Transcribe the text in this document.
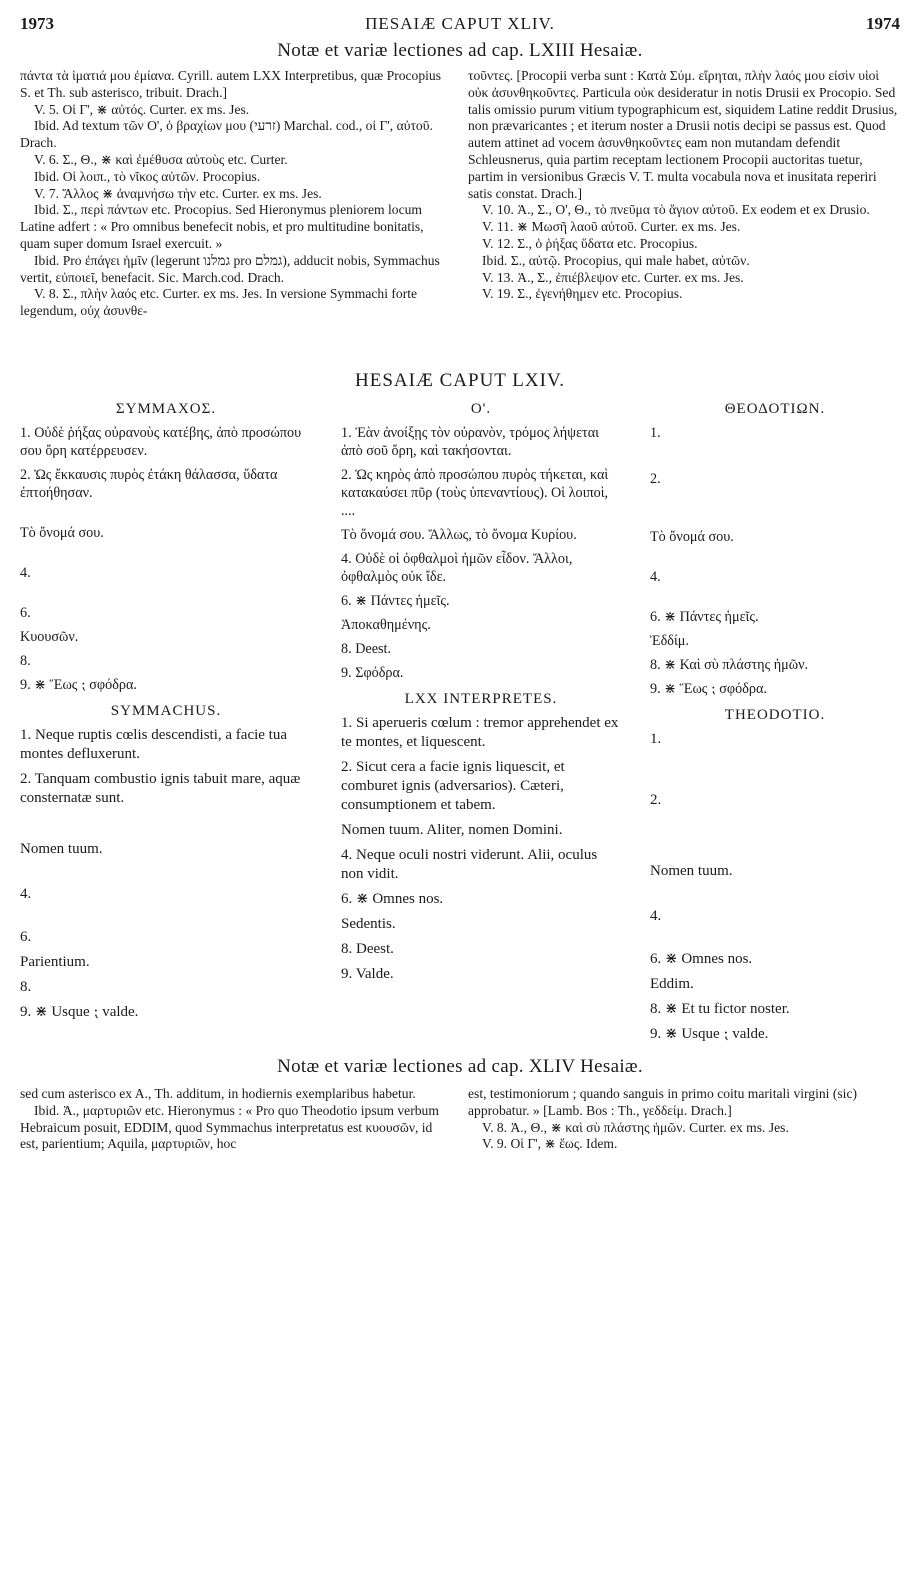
1973	ΠΕSAIÆ CAPUT XLIV.	1974
Notæ et variæ lectiones ad cap. LXIII Hesaiæ.

πάντα τὰ ἱματιά μου ἐμίανα. Cyrill. autem LXX Interpretibus, quæ Procopius S. et Th. sub asterisco, tribuit. Drach.]

V. 5. Οἱ Γ', ⋇ αὐτός. Curter. ex ms. Jes.

Ibid. Ad textum τῶν Ο', ὁ βραχίων μου (זרעי) Marchal. cod., οἱ Γ', αὐτοῦ. Drach.

V. 6. Σ., Θ., ⋇ καὶ ἐμέθυσα αὐτοὺς etc. Curter.

Ibid. Οἱ λοιπ., τὸ νῖκος αὐτῶν. Procopius.

V. 7. Ἄλλος ⋇ ἀναμνήσω τὴν etc. Curter. ex ms. Jes.

Ibid. Σ., περὶ πάντων etc. Procopius. Sed Hieronymus pleniorem locum Latine adfert : « Pro omnibus benefecit nobis, et pro multitudine bonitatis, quam super domum Israel exercuit. »

Ibid. Pro ἐπάγει ἡμῖν (legerunt גמלנו pro גמלם), adducit nobis, Symmachus vertit, εὐποιεῖ, benefacit. Sic. March.cod. Drach.

V. 8. Σ., πλὴν λαός etc. Curter. ex ms. Jes. In versione Symmachi forte legendum, οὐχ ἀσυνθε-

τοῦντες. [Procopii verba sunt : Κατὰ Σύμ. εἴρηται, πλὴν λαός μου εἰσὶν υἱοὶ οὐκ ἀσυνθηκοῦντες. Particula οὐκ desideratur in notis Drusii ex Procopio. Sed talis omissio purum vitium typographicum est, siquidem Latine reddit Drusius, non prævaricantes ; et iterum noster a Drusii notis decipi se passus est. Quod autem attinet ad vocem ἀσυνθηκοῦντες eam non mutandam defendit Schleusnerus, quia partim receptam lectionem Procopii auctoritas tuetur, partim in versionibus Græcis V. T. multa vocabula nova et inusitata reperiri satis constat. Drach.]

V. 10. Ἀ., Σ., Ο', Θ., τὸ πνεῦμα τὸ ἅγιον αὐτοῦ. Ex eodem et ex Drusio.

V. 11. ⋇ Μωσῆ λαοῦ αὐτοῦ. Curter. ex ms. Jes.

V. 12. Σ., ὁ ῥήξας ὕδατα etc. Procopius.

Ibid. Σ., αὐτῷ. Procopius, qui male habet, αὐτῶν.

V. 13. Ἀ., Σ., ἐπιέβλεψον etc. Curter. ex ms. Jes.

V. 19. Σ., ἐγενήθημεν etc. Procopius.

HESAIÆ CAPUT LXIV.
ΣΥΜΜΑΧΟΣ.

1. Οὐδὲ ῥήξας οὐρανοὺς κατέβης, ἀπὸ προσώπου σου ὄρη κατέρρευσεν.

2. Ὡς ἔκκαυσις πυρὸς ἐτάκη θάλασσα, ὕδατα ἐπτοήθησαν.

Τὸ ὄνομά σου.

4.

6.

Κυουσῶν.

8.

9. ⋇ Ἕως ⁏ σφόδρα.

SYMMACHUS.

1. Neque ruptis cœlis descendisti, a facie tua montes defluxerunt.

2. Tanquam combustio ignis tabuit mare, aquæ consternatæ sunt.

Nomen tuum.

4.

6.

Parientium.

8.

9. ⋇ Usque ⁏ valde.

Ο'.

1. Ἐὰν ἀνοίξῃς τὸν οὐρανὸν, τρόμος λήψεται ἀπὸ σοῦ ὄρη, καὶ τακήσονται.

2. Ὡς κηρὸς ἀπὸ προσώπου πυρὸς τήκεται, καὶ κατακαύσει πῦρ (τοὺς ὑπεναντίους). Οἱ λοιποὶ, ....

Τὸ ὄνομά σου. Ἄλλως, τὸ ὄνομα Κυρίου.

4. Οὐδὲ οἱ ὀφθαλμοὶ ἡμῶν εἶδον. Ἄλλοι, ὀφθαλμὸς οὐκ ἴδε.

6. ⋇ Πάντες ἡμεῖς.

Ἀποκαθημένης.

8. Deest.

9. Σφόδρα.

LXX INTERPRETES.

1. Si aperueris cœlum : tremor apprehendet ex te montes, et liquescent.

2. Sicut cera a facie ignis liquescit, et comburet ignis (adversarios). Cæteri, consumptionem et tabem.

Nomen tuum. Aliter, nomen Domini.

4. Neque oculi nostri viderunt. Alii, oculus non vidit.

6. ⋇ Omnes nos.

Sedentis.

8. Deest.

9. Valde.

ΘΕΟΔΟΤΙΩΝ.

1.

2.

Τὸ ὄνομά σου.

4.

6. ⋇ Πάντες ἡμεῖς.

Ἐδδίμ.

8. ⋇ Καὶ σὺ πλάστης ἡμῶν.

9. ⋇ Ἕως ⁏ σφόδρα.

THEODOTIO.

1.

2.

Nomen tuum.

4.

6. ⋇ Omnes nos.

Eddim.

8. ⋇ Et tu fictor noster.

9. ⋇ Usque ⁏ valde.

Notæ et variæ lectiones ad cap. XLIV Hesaiæ.

sed cum asterisco ex A., Th. additum, in hodiernis exemplaribus habetur.

Ibid. Ἀ., μαρτυριῶν etc. Hieronymus : « Pro quo Theodotio ipsum verbum Hebraicum posuit, EDDIM, quod Symmachus interpretatus est κυουσῶν, id est, parientium; Aquila, μαρτυριῶν, hoc

est, testimoniorum ; quando sanguis in primo coitu maritali virgini (sic) approbatur. » [Lamb. Bos : Th., γεδδείμ. Drach.]

V. 8. Ἀ., Θ., ⋇ καὶ σὺ πλάστης ἡμῶν. Curter. ex ms. Jes.

V. 9. Οἱ Γ', ⋇ ἕως. Idem.
